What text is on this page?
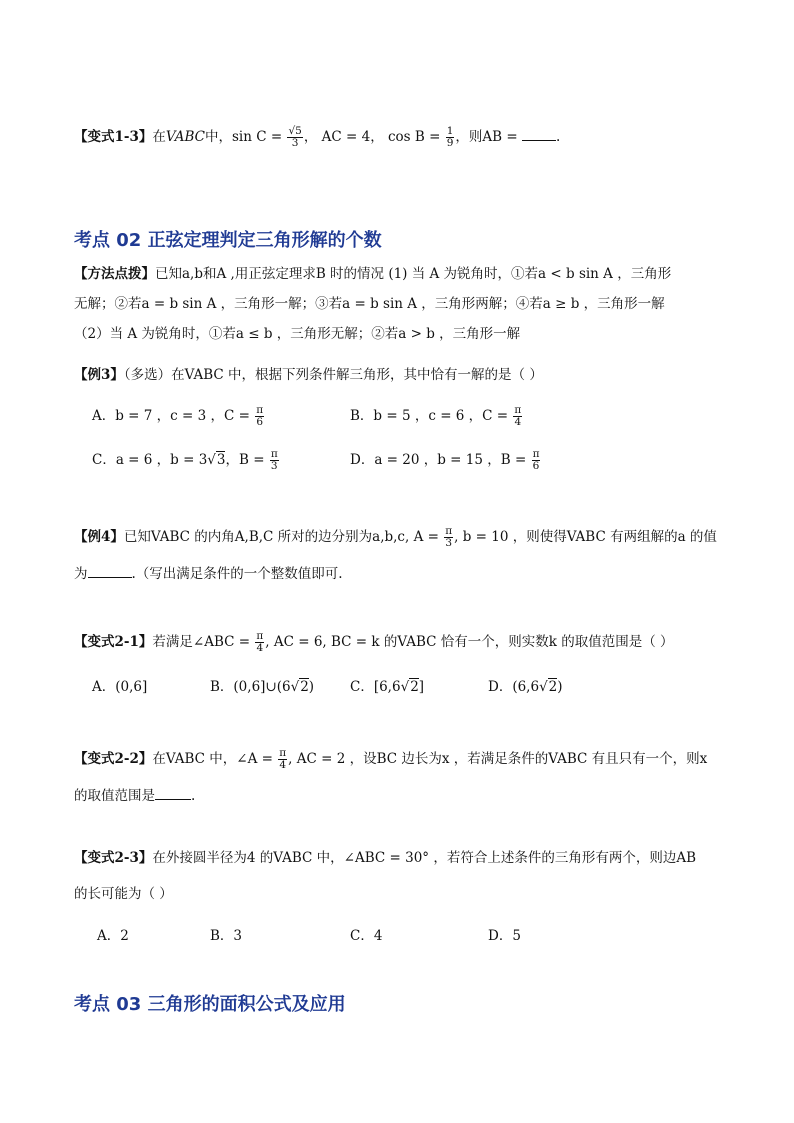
【变式1-3】在VABC中，$\sin C = \frac{√5}{3}$ ， AC = 4， $\cos B = \frac{1}{9}$ ，则AB =	.
考点 02 正弦定理判定三角形解的个数
【方法点拨】已知a,b和A ,用正弦定理求B 时的情况 (1) 当 A 为锐角时，①若a < b sin A ，三角形
无解；②若a = b sin A ，三角形一解；③若a = b sin A ，三角形两解；④若a ≥ b ，三角形一解
（2）当 A 为锐角时，①若a ≤ b ，三角形无解；②若a > b ，三角形一解
【例3】（多选）在VABC 中，根据下列条件解三角形，其中恰有一解的是（ ）
A．b = 7 ，c = 3 ，$C = \frac{\pi}{6}$	B．b = 5 ，c = 6 ，$C = \frac{\pi}{4}$
C．a = 6 ，b = 3√3，$B = \frac{\pi}{3}$	D．a = 20 ，b = 15 ，$B = \frac{\pi}{6}$
【例4】已知VABC 的内角A,B,C 所对的边分别为a,b,c, $A = \frac{\pi}{3}$ , b = 10 ，则使得VABC 有两组解的a 的值
为	.（写出满足条件的一个整数值即可.
【变式2-1】若满足∠ABC = $\frac{\pi}{4}$ , AC = 6, BC = k 的VABC 恰有一个，则实数k 的取值范围是（ ）
A．(0,6]	B．(0,6]∪(6√2)	C．[6,6√2]	D．(6,6√2)
【变式2-2】在VABC 中，∠A = $\frac{\pi}{4}$ , AC = 2 ，设BC 边长为x ，若满足条件的VABC 有且只有一个，则x
的取值范围是	.
【变式2-3】在外接圆半径为4 的VABC 中，∠ABC = 30° ，若符合上述条件的三角形有两个，则边AB
的长可能为（ ）
A．2	B．3	C．4	D．5
考点 03 三角形的面积公式及应用
